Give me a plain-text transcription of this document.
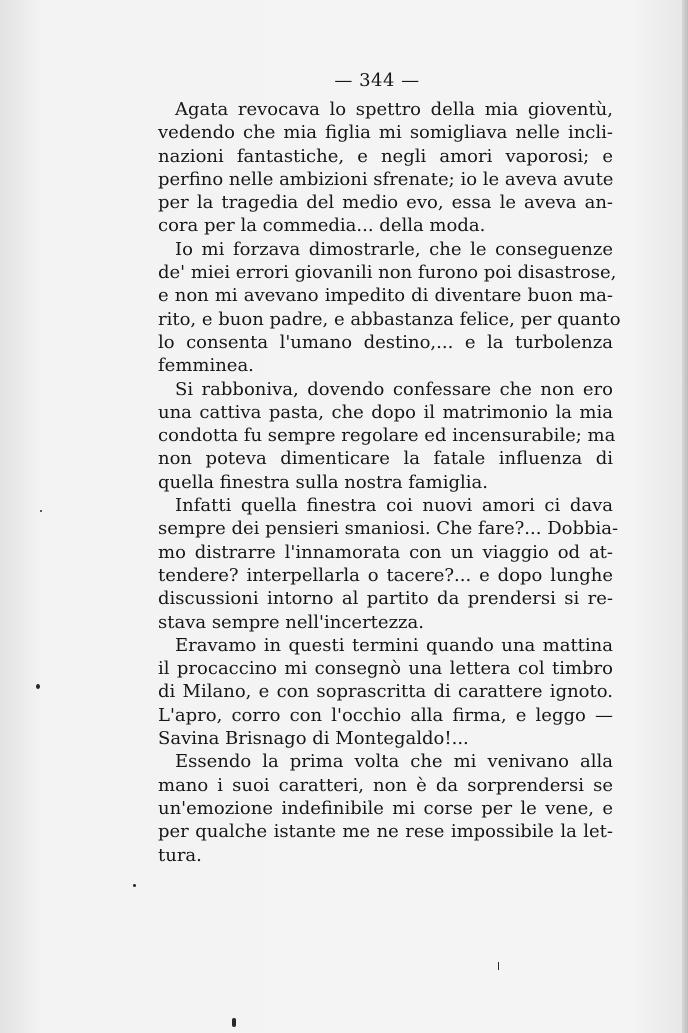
— 344 —
Agata revocava lo spettro della mia gioventù,
vedendo che mia figlia mi somigliava nelle incli-
nazioni fantastiche, e negli amori vaporosi; e
perfino nelle ambizioni sfrenate; io le aveva avute
per la tragedia del medio evo, essa le aveva an-
cora per la commedia... della moda.
Io mi forzava dimostrarle, che le conseguenze
de' miei errori giovanili non furono poi disastrose,
e non mi avevano impedito di diventare buon ma-
rito, e buon padre, e abbastanza felice, per quanto
lo consenta l'umano destino,... e la turbolenza
femminea.
Si rabboniva, dovendo confessare che non ero
una cattiva pasta, che dopo il matrimonio la mia
condotta fu sempre regolare ed incensurabile; ma
non poteva dimenticare la fatale influenza di
quella finestra sulla nostra famiglia.
Infatti quella finestra coi nuovi amori ci dava
sempre dei pensieri smaniosi. Che fare?... Dobbia-
mo distrarre l'innamorata con un viaggio od at-
tendere? interpellarla o tacere?... e dopo lunghe
discussioni intorno al partito da prendersi si re-
stava sempre nell'incertezza.
Eravamo in questi termini quando una mattina
il procaccino mi consegnò una lettera col timbro
di Milano, e con soprascritta di carattere ignoto.
L'apro, corro con l'occhio alla firma, e leggo —
Savina Brisnago di Montegaldo!...
Essendo la prima volta che mi venivano alla
mano i suoi caratteri, non è da sorprendersi se
un'emozione indefinibile mi corse per le vene, e
per qualche istante me ne rese impossibile la let-
tura.
